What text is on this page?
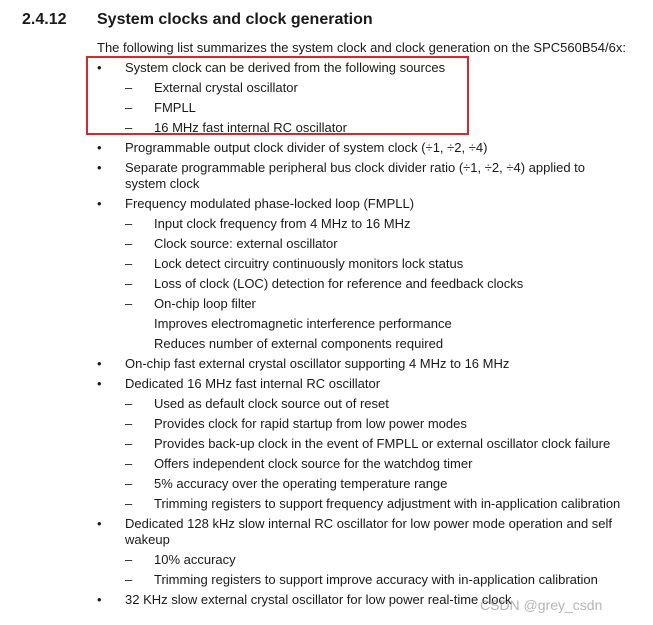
2.4.12 System clocks and clock generation
The following list summarizes the system clock and clock generation on the SPC560B54/6x:
• System clock can be derived from the following sources
– External crystal oscillator
– FMPLL
– 16 MHz fast internal RC oscillator
• Programmable output clock divider of system clock (÷1, ÷2, ÷4)
• Separate programmable peripheral bus clock divider ratio (÷1, ÷2, ÷4) applied to
system clock
• Frequency modulated phase-locked loop (FMPLL)
– Input clock frequency from 4 MHz to 16 MHz
– Clock source: external oscillator
– Lock detect circuitry continuously monitors lock status
– Loss of clock (LOC) detection for reference and feedback clocks
– On-chip loop filter
Improves electromagnetic interference performance
Reduces number of external components required
• On-chip fast external crystal oscillator supporting 4 MHz to 16 MHz
• Dedicated 16 MHz fast internal RC oscillator
– Used as default clock source out of reset
– Provides clock for rapid startup from low power modes
– Provides back-up clock in the event of FMPLL or external oscillator clock failure
– Offers independent clock source for the watchdog timer
– 5% accuracy over the operating temperature range
– Trimming registers to support frequency adjustment with in-application calibration
• Dedicated 128 kHz slow internal RC oscillator for low power mode operation and self
wakeup
– 10% accuracy
– Trimming registers to support improve accuracy with in-application calibration
• 32 KHz slow external crystal oscillator for low power real-time clock
CSDN @grey_csdn
